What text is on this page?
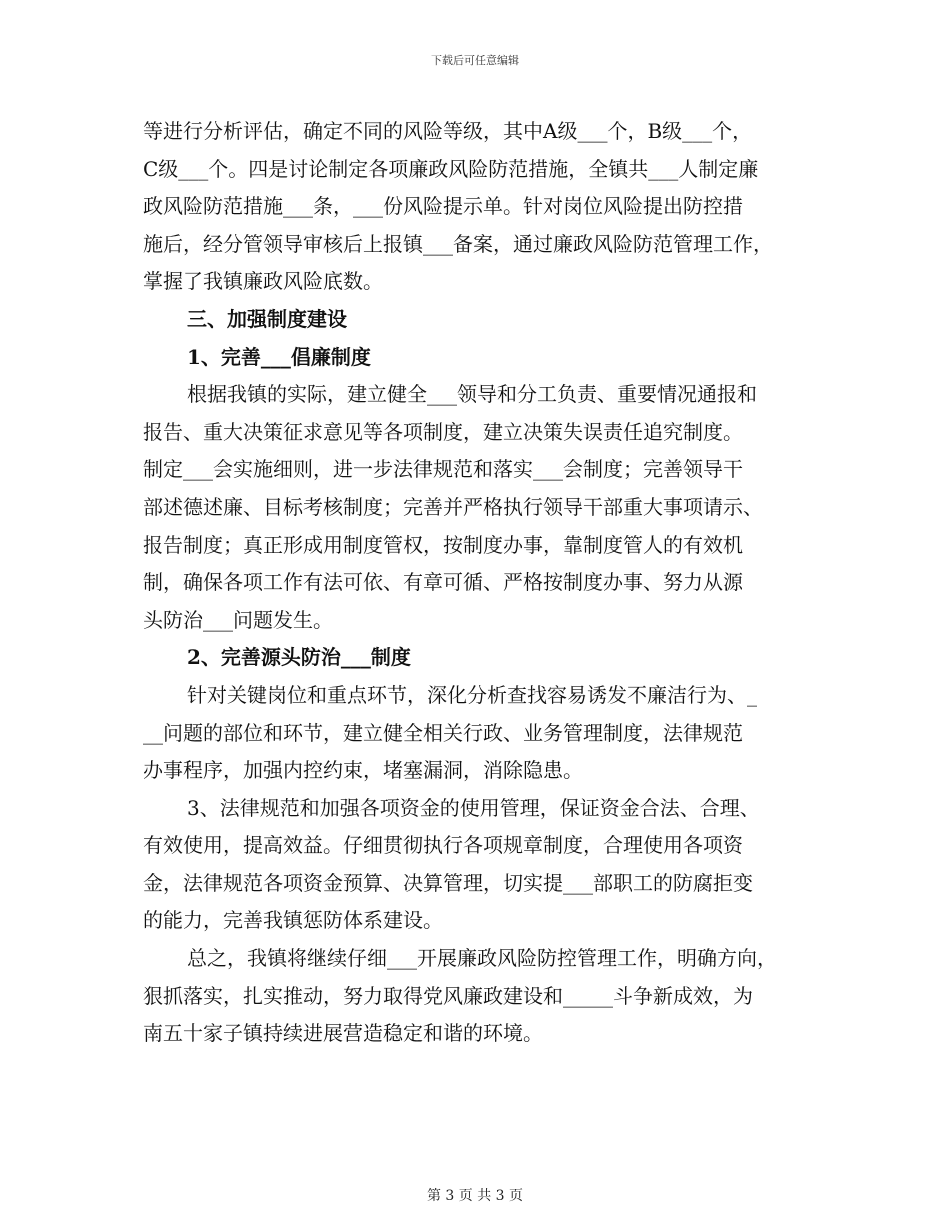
下载后可任意编辑
等进行分析评估，确定不同的风险等级，其中A级___个，B级___个，
C级___个。四是讨论制定各项廉政风险防范措施，全镇共___人制定廉
政风险防范措施___条，___份风险提示单。针对岗位风险提出防控措
施后，经分管领导审核后上报镇___备案，通过廉政风险防范管理工作，
掌握了我镇廉政风险底数。
三、加强制度建设
1、完善___倡廉制度
根据我镇的实际，建立健全___领导和分工负责、重要情况通报和
报告、重大决策征求意见等各项制度，建立决策失误责任追究制度。
制定___会实施细则，进一步法律规范和落实___会制度；完善领导干
部述德述廉、目标考核制度；完善并严格执行领导干部重大事项请示、
报告制度；真正形成用制度管权，按制度办事，靠制度管人的有效机
制，确保各项工作有法可依、有章可循、严格按制度办事、努力从源
头防治___问题发生。
2、完善源头防治___制度
针对关键岗位和重点环节，深化分析查找容易诱发不廉洁行为、_
__问题的部位和环节，建立健全相关行政、业务管理制度，法律规范
办事程序，加强内控约束，堵塞漏洞，消除隐患。
3、法律规范和加强各项资金的使用管理，保证资金合法、合理、
有效使用，提高效益。仔细贯彻执行各项规章制度，合理使用各项资
金，法律规范各项资金预算、决算管理，切实提___部职工的防腐拒变
的能力，完善我镇惩防体系建设。
总之，我镇将继续仔细___开展廉政风险防控管理工作，明确方向，
狠抓落实，扎实推动，努力取得党风廉政建设和_____斗争新成效，为
南五十家子镇持续进展营造稳定和谐的环境。
第 3 页 共 3 页
